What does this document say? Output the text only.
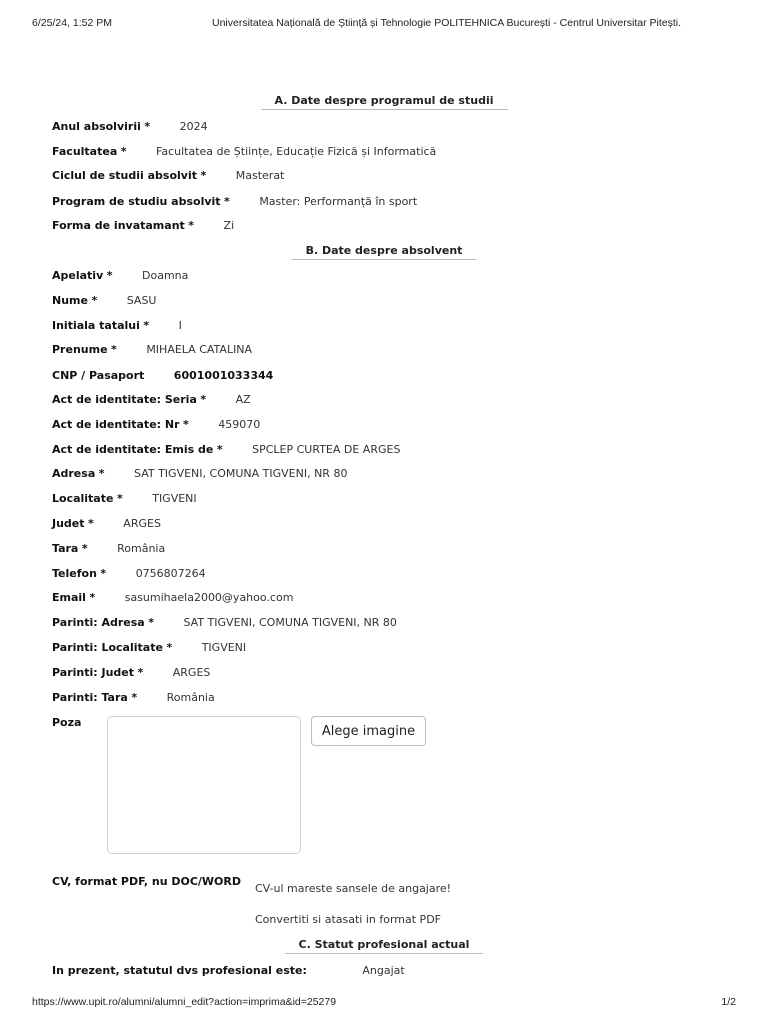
6/25/24, 1:52 PM	Universitatea Națională de Știință și Tehnologie POLITEHNICA București - Centrul Universitar Pitești.
A. Date despre programul de studii
Anul absolvirii *	2024
Facultatea *	Facultatea de Științe, Educație Fizică și Informatică
Ciclul de studii absolvit *	Masterat
Program de studiu absolvit *	Master: Performanță în sport
Forma de invatamant *	Zi
B. Date despre absolvent
Apelativ *	Doamna
Nume *	SASU
Initiala tatalui *	I
Prenume *	MIHAELA CATALINA
CNP / Pasaport	6001001033344
Act de identitate: Seria *	AZ
Act de identitate: Nr *	459070
Act de identitate: Emis de *	SPCLEP CURTEA DE ARGES
Adresa *	SAT TIGVENI, COMUNA TIGVENI, NR 80
Localitate *	TIGVENI
Judet *	ARGES
Tara *	România
Telefon *	0756807264
Email *	sasumihaela2000@yahoo.com
Parinti: Adresa *	SAT TIGVENI, COMUNA TIGVENI, NR 80
Parinti: Localitate *	TIGVENI
Parinti: Judet *	ARGES
Parinti: Tara *	România
Poza
Alege imagine
CV, format PDF, nu DOC/WORD
CV-ul mareste sansele de angajare!
Convertiti si atasati in format PDF
C. Statut profesional actual
In prezent, statutul dvs profesional este:	Angajat
https://www.upit.ro/alumni/alumni_edit?action=imprima&id=25279	1/2
